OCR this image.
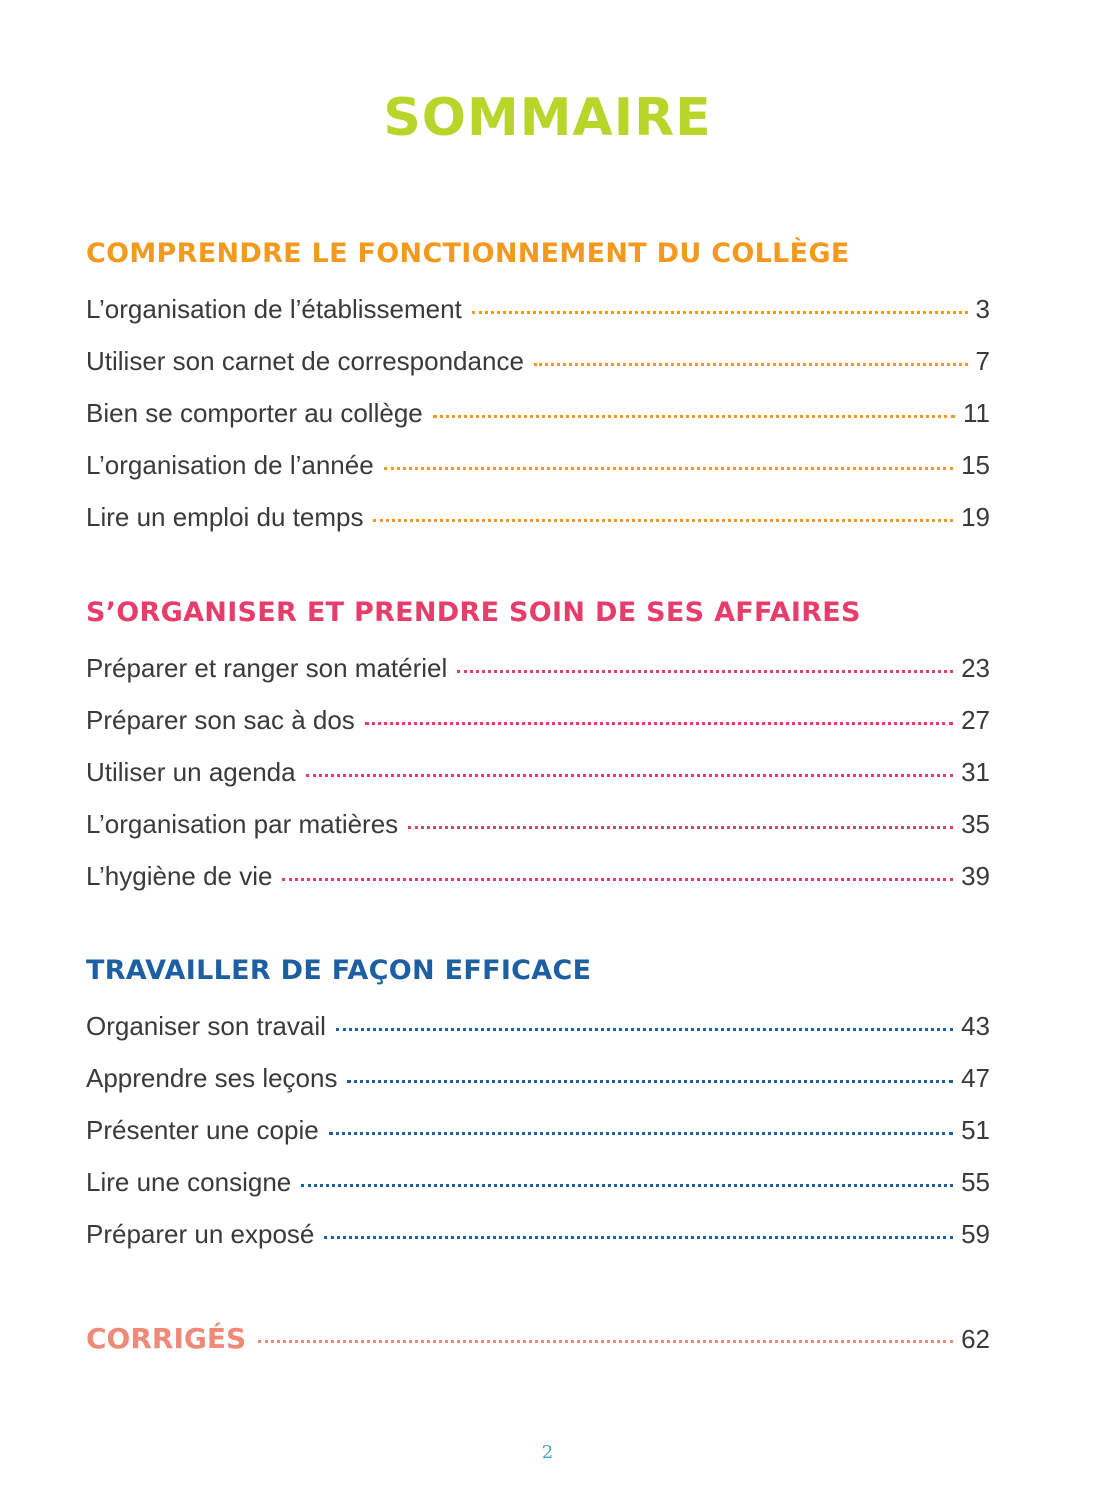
SOMMAIRE
COMPRENDRE LE FONCTIONNEMENT DU COLLÈGE
L’organisation de l’établissement	3
Utiliser son carnet de correspondance	7
Bien se comporter au collège	11
L’organisation de l’année	15
Lire un emploi du temps	19
S’ORGANISER ET PRENDRE SOIN DE SES AFFAIRES
Préparer et ranger son matériel	23
Préparer son sac à dos	27
Utiliser un agenda	31
L’organisation par matières	35
L’hygiène de vie	39
TRAVAILLER DE FAÇON EFFICACE
Organiser son travail	43
Apprendre ses leçons	47
Présenter une copie	51
Lire une consigne	55
Préparer un exposé	59
CORRIGÉS	62
2
